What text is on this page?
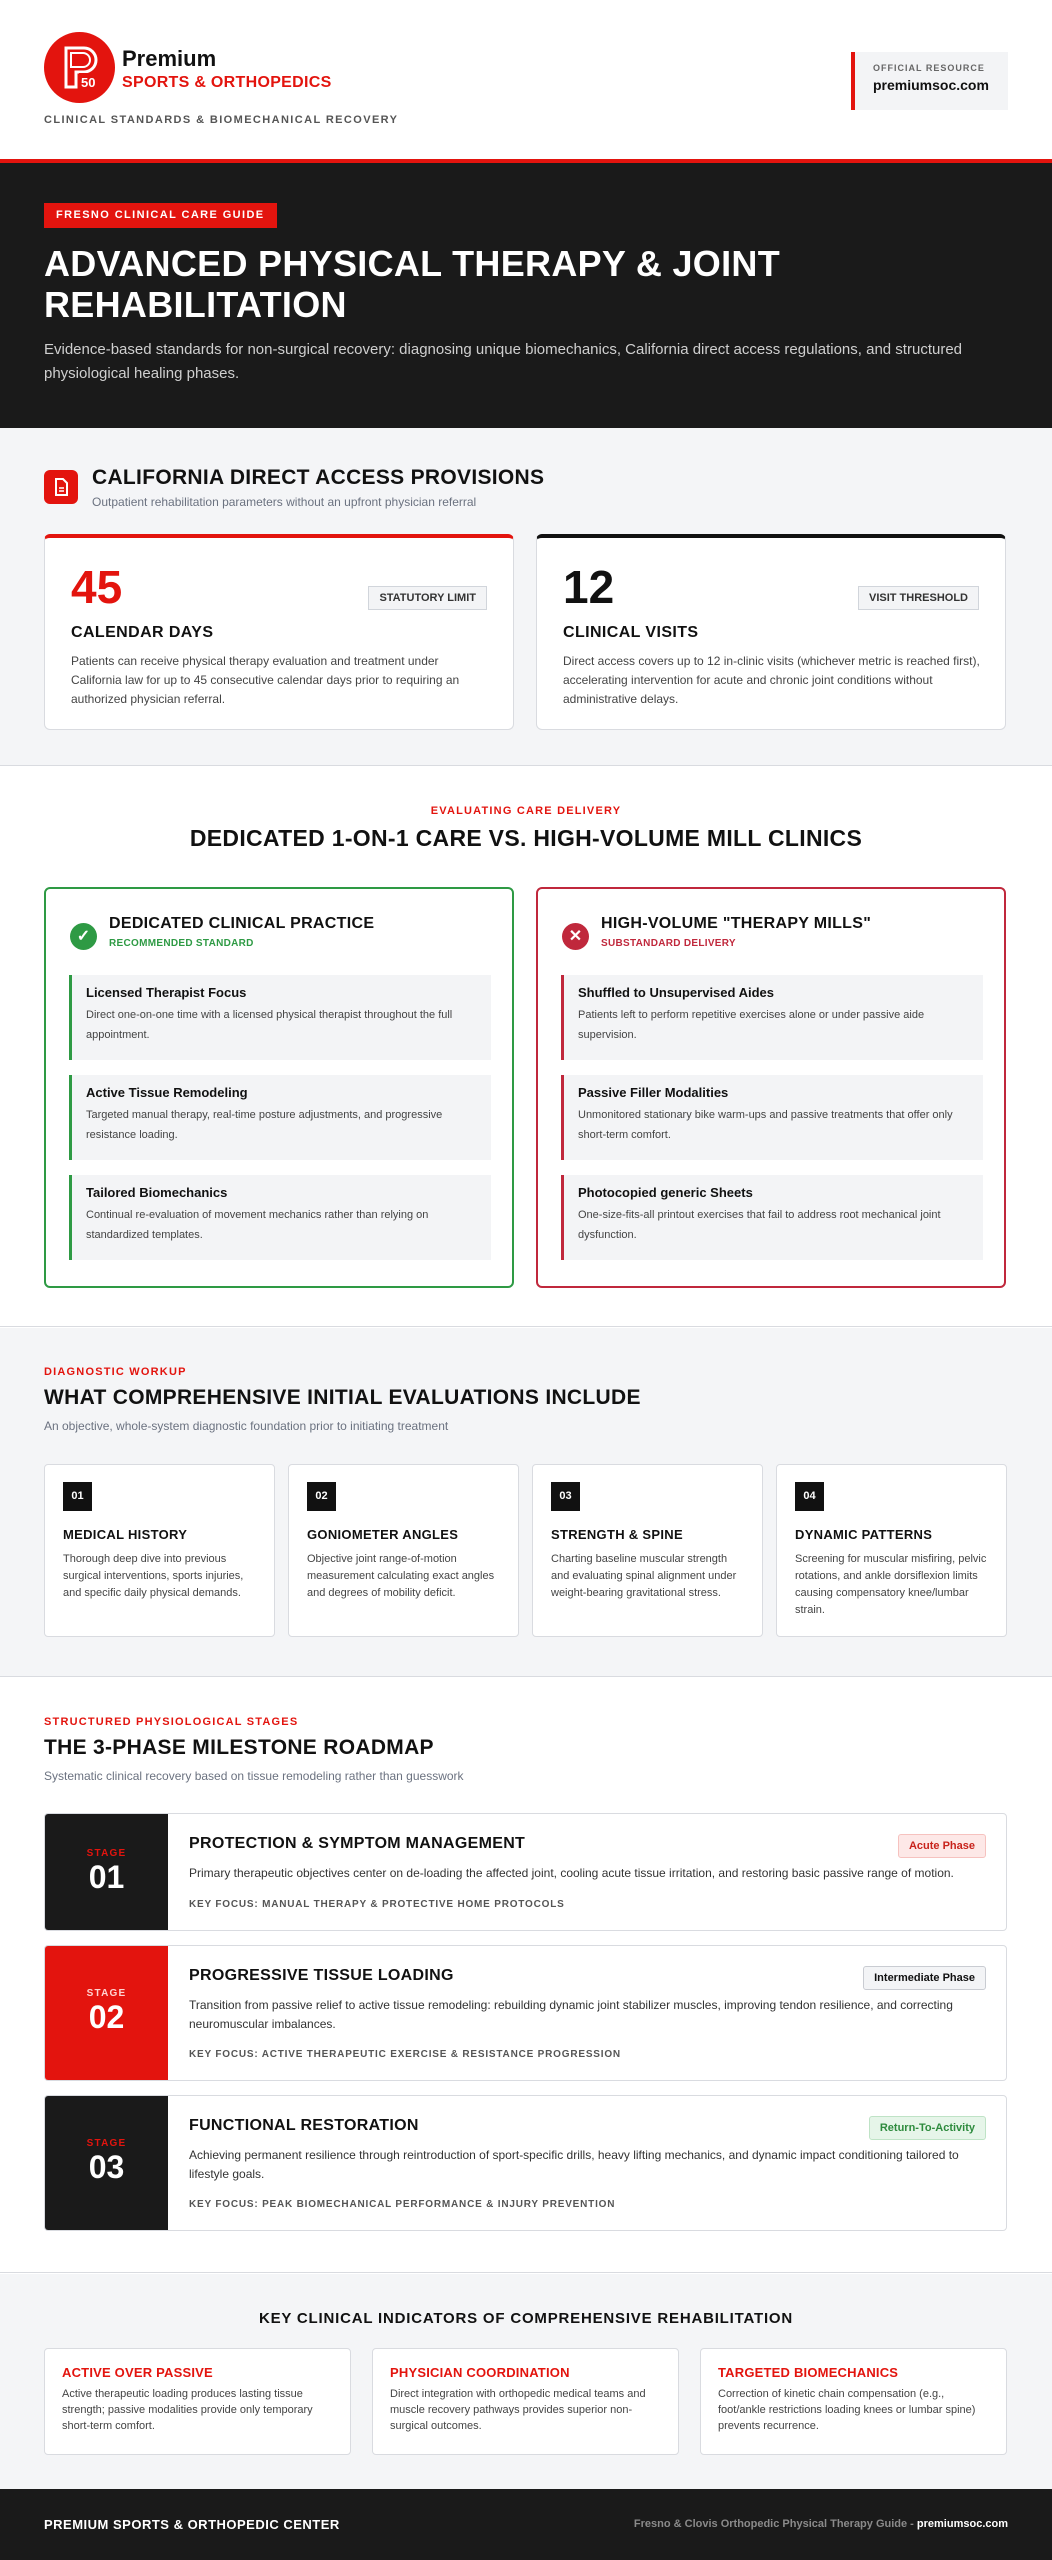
50
Premium
SPORTS & ORTHOPEDICS
CLINICAL STANDARDS & BIOMECHANICAL RECOVERY
OFFICIAL RESOURCE
premiumsoc.com
FRESNO CLINICAL CARE GUIDE
ADVANCED PHYSICAL THERAPY & JOINT REHABILITATION
Evidence-based standards for non-surgical recovery: diagnosing unique biomechanics, California direct access regulations, and structured physiological healing phases.
CALIFORNIA DIRECT ACCESS PROVISIONS
Outpatient rehabilitation parameters without an upfront physician referral
45	STATUTORY LIMIT
CALENDAR DAYS
Patients can receive physical therapy evaluation and treatment under California law for up to 45 consecutive calendar days prior to requiring an authorized physician referral.
12	VISIT THRESHOLD
CLINICAL VISITS
Direct access covers up to 12 in-clinic visits (whichever metric is reached first), accelerating intervention for acute and chronic joint conditions without administrative delays.
EVALUATING CARE DELIVERY
DEDICATED 1-ON-1 CARE VS. HIGH-VOLUME MILL CLINICS
✓
DEDICATED CLINICAL PRACTICE
RECOMMENDED STANDARD
Licensed Therapist Focus
Direct one-on-one time with a licensed physical therapist throughout the full appointment.
Active Tissue Remodeling
Targeted manual therapy, real-time posture adjustments, and progressive resistance loading.
Tailored Biomechanics
Continual re-evaluation of movement mechanics rather than relying on standardized templates.
✕
HIGH-VOLUME "THERAPY MILLS"
SUBSTANDARD DELIVERY
Shuffled to Unsupervised Aides
Patients left to perform repetitive exercises alone or under passive aide supervision.
Passive Filler Modalities
Unmonitored stationary bike warm-ups and passive treatments that offer only short-term comfort.
Photocopied generic Sheets
One-size-fits-all printout exercises that fail to address root mechanical joint dysfunction.
DIAGNOSTIC WORKUP
WHAT COMPREHENSIVE INITIAL EVALUATIONS INCLUDE
An objective, whole-system diagnostic foundation prior to initiating treatment
01
MEDICAL HISTORY
Thorough deep dive into previous surgical interventions, sports injuries, and specific daily physical demands.
02
GONIOMETER ANGLES
Objective joint range-of-motion measurement calculating exact angles and degrees of mobility deficit.
03
STRENGTH & SPINE
Charting baseline muscular strength and evaluating spinal alignment under weight-bearing gravitational stress.
04
DYNAMIC PATTERNS
Screening for muscular misfiring, pelvic rotations, and ankle dorsiflexion limits causing compensatory knee/lumbar strain.
STRUCTURED PHYSIOLOGICAL STAGES
THE 3-PHASE MILESTONE ROADMAP
Systematic clinical recovery based on tissue remodeling rather than guesswork
STAGE
01
PROTECTION & SYMPTOM MANAGEMENT	Acute Phase
Primary therapeutic objectives center on de-loading the affected joint, cooling acute tissue irritation, and restoring basic passive range of motion.
KEY FOCUS: MANUAL THERAPY & PROTECTIVE HOME PROTOCOLS
STAGE
02
PROGRESSIVE TISSUE LOADING	Intermediate Phase
Transition from passive relief to active tissue remodeling: rebuilding dynamic joint stabilizer muscles, improving tendon resilience, and correcting neuromuscular imbalances.
KEY FOCUS: ACTIVE THERAPEUTIC EXERCISE & RESISTANCE PROGRESSION
STAGE
03
FUNCTIONAL RESTORATION	Return-To-Activity
Achieving permanent resilience through reintroduction of sport-specific drills, heavy lifting mechanics, and dynamic impact conditioning tailored to lifestyle goals.
KEY FOCUS: PEAK BIOMECHANICAL PERFORMANCE & INJURY PREVENTION
KEY CLINICAL INDICATORS OF COMPREHENSIVE REHABILITATION
ACTIVE OVER PASSIVE
Active therapeutic loading produces lasting tissue strength; passive modalities provide only temporary short-term comfort.
PHYSICIAN COORDINATION
Direct integration with orthopedic medical teams and muscle recovery pathways provides superior non-surgical outcomes.
TARGETED BIOMECHANICS
Correction of kinetic chain compensation (e.g., foot/ankle restrictions loading knees or lumbar spine) prevents recurrence.
PREMIUM SPORTS & ORTHOPEDIC CENTER	Fresno & Clovis Orthopedic Physical Therapy Guide - premiumsoc.com
